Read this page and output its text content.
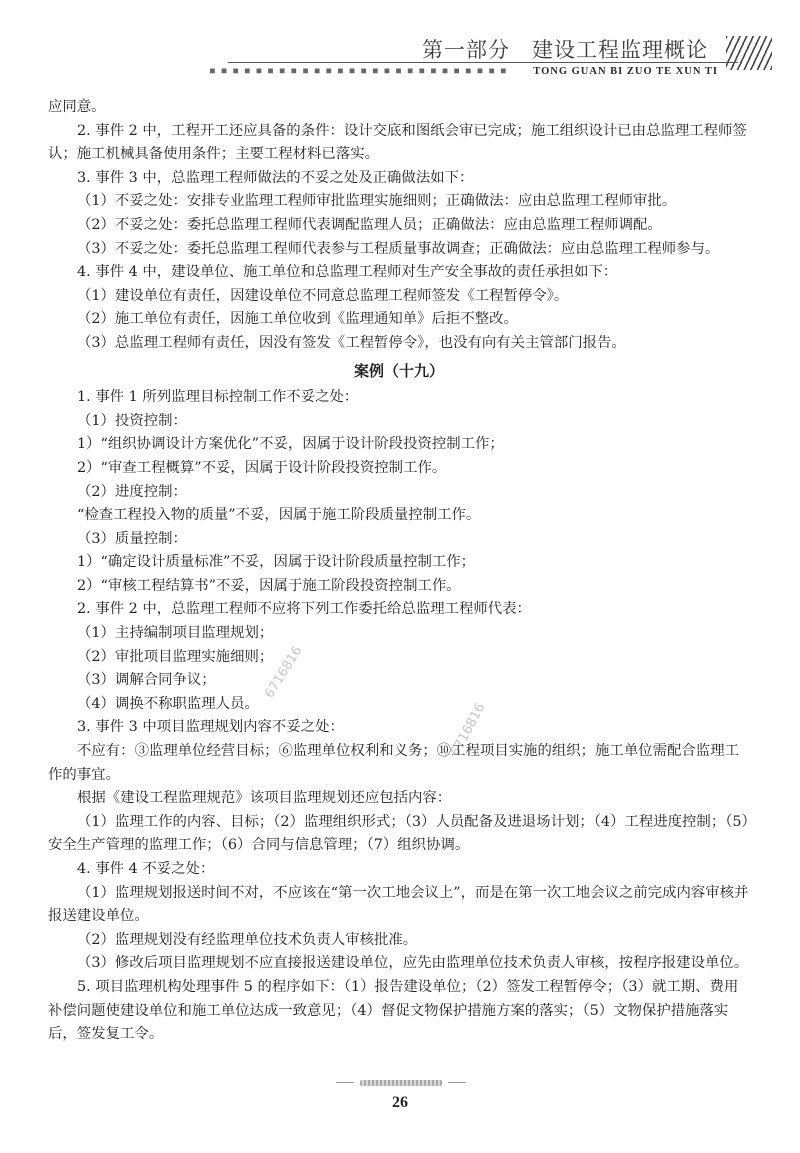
第一部分　建设工程监理概论
■ ■ ■ ■ ■ ■ ■ ■ ■ ■ ■ ■ ■ ■ ■ ■ ■ ■ ■ ■ ■ ■ ■ ■ ■ ■	TONG GUAN BI ZUO TE XUN TI

应同意。

2. 事件 2 中，工程开工还应具备的条件：设计交底和图纸会审已完成；施工组织设计已由总监理工程师签认；施工机械具备使用条件；主要工程材料已落实。

3. 事件 3 中，总监理工程师做法的不妥之处及正确做法如下：

（1）不妥之处：安排专业监理工程师审批监理实施细则；正确做法：应由总监理工程师审批。

（2）不妥之处：委托总监理工程师代表调配监理人员；正确做法：应由总监理工程师调配。

（3）不妥之处：委托总监理工程师代表参与工程质量事故调查；正确做法：应由总监理工程师参与。

4. 事件 4 中，建设单位、施工单位和总监理工程师对生产安全事故的责任承担如下：

（1）建设单位有责任，因建设单位不同意总监理工程师签发《工程暂停令》。

（2）施工单位有责任，因施工单位收到《监理通知单》后拒不整改。

（3）总监理工程师有责任，因没有签发《工程暂停令》，也没有向有关主管部门报告。

案例（十九）

1. 事件 1 所列监理目标控制工作不妥之处：

（1）投资控制：

1）“组织协调设计方案优化”不妥，因属于设计阶段投资控制工作；

2）“审查工程概算”不妥，因属于设计阶段投资控制工作。

（2）进度控制：

“检查工程投入物的质量”不妥，因属于施工阶段质量控制工作。

（3）质量控制：

1）“确定设计质量标准”不妥，因属于设计阶段质量控制工作；

2）“审核工程结算书”不妥，因属于施工阶段投资控制工作。

2. 事件 2 中，总监理工程师不应将下列工作委托给总监理工程师代表：

（1）主持编制项目监理规划；

（2）审批项目监理实施细则；

（3）调解合同争议；

（4）调换不称职监理人员。

3. 事件 3 中项目监理规划内容不妥之处：

不应有：③监理单位经营目标；⑥监理单位权利和义务；⑩工程项目实施的组织；施工单位需配合监理工作的事宜。

根据《建设工程监理规范》该项目监理规划还应包括内容：

（1）监理工作的内容、目标；（2）监理组织形式；（3）人员配备及进退场计划；（4）工程进度控制；（5）安全生产管理的监理工作；（6）合同与信息管理；（7）组织协调。

4. 事件 4 不妥之处：

（1）监理规划报送时间不对，不应该在“第一次工地会议上”，而是在第一次工地会议之前完成内容审核并报送建设单位。

（2）监理规划没有经监理单位技术负责人审核批准。

（3）修改后项目监理规划不应直接报送建设单位，应先由监理单位技术负责人审核，按程序报建设单位。

5. 项目监理机构处理事件 5 的程序如下：（1）报告建设单位；（2）签发工程暂停令；（3）就工期、费用补偿问题使建设单位和施工单位达成一致意见；（4）督促文物保护措施方案的落实；（5）文物保护措施落实后，签发复工令。

6716816
6716816
26
